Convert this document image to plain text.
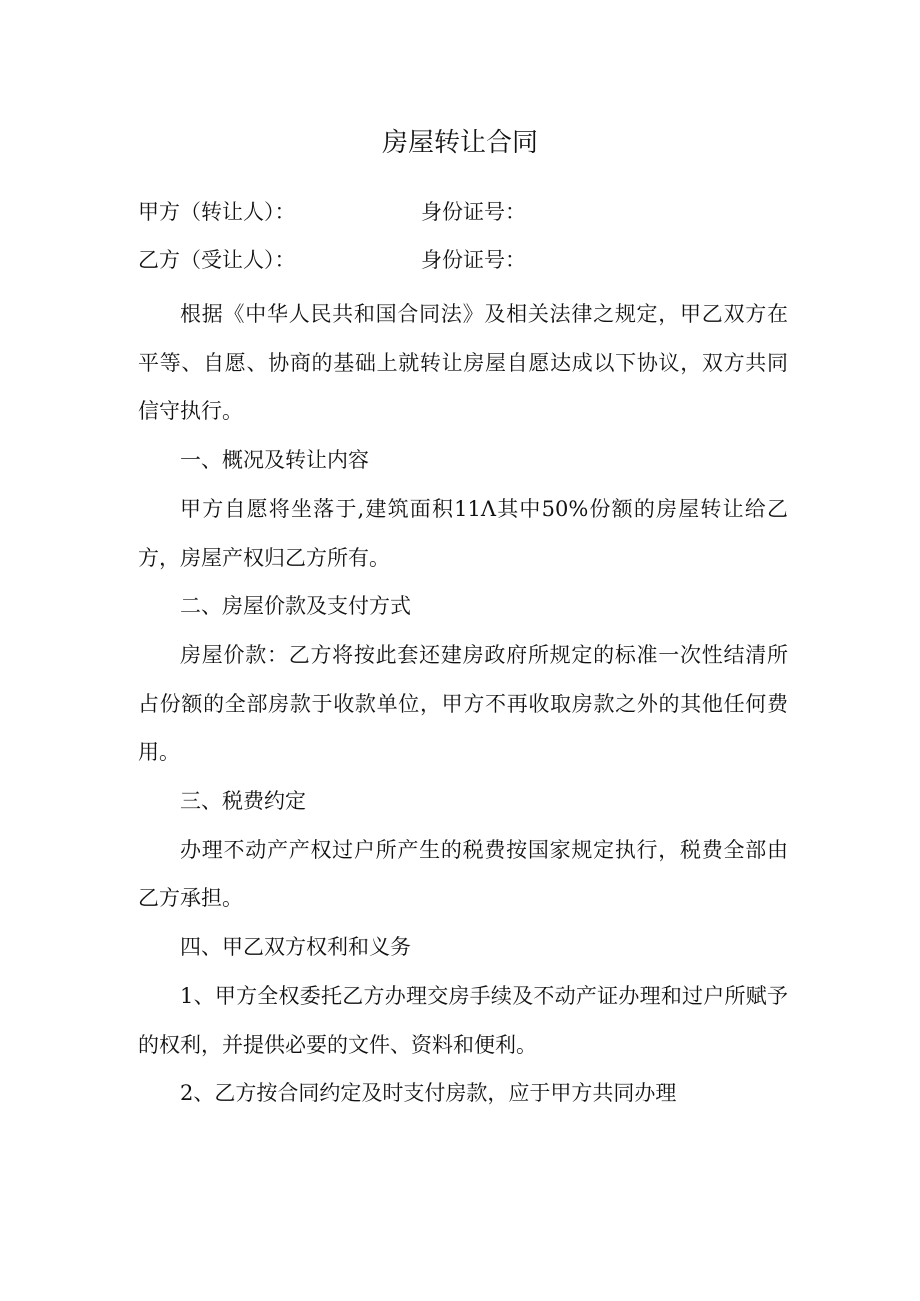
房屋转让合同
甲方（转让人）：	身份证号：
乙方（受让人）：	身份证号：

根据《中华人民共和国合同法》及相关法律之规定，甲乙双方在平等、自愿、协商的基础上就转让房屋自愿达成以下协议，双方共同信守执行。

一、概况及转让内容

甲方自愿将坐落于,建筑面积11Λ其中50%份额的房屋转让给乙方，房屋产权归乙方所有。

二、房屋价款及支付方式

房屋价款：乙方将按此套还建房政府所规定的标准一次性结清所占份额的全部房款于收款单位，甲方不再收取房款之外的其他任何费用。

三、税费约定

办理不动产产权过户所产生的税费按国家规定执行，税费全部由乙方承担。

四、甲乙双方权利和义务

1、甲方全权委托乙方办理交房手续及不动产证办理和过户所赋予的权利，并提供必要的文件、资料和便利。

2、乙方按合同约定及时支付房款，应于甲方共同办理
